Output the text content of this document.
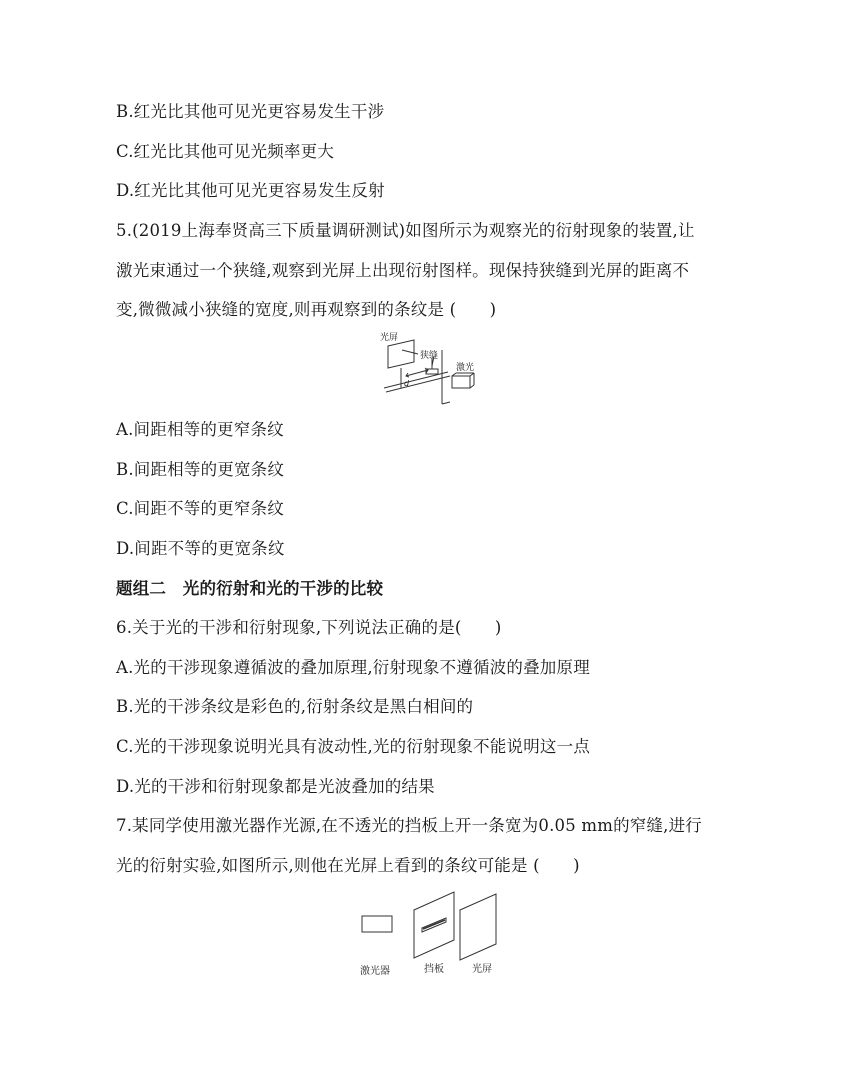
B.红光比其他可见光更容易发生干涉
C.红光比其他可见光频率更大
D.红光比其他可见光更容易发生反射
5.(2019上海奉贤高三下质量调研测试)如图所示为观察光的衍射现象的装置,让
激光束通过一个狭缝,观察到光屏上出现衍射图样。现保持狭缝到光屏的距离不
变,微微减小狭缝的宽度,则再观察到的条纹是 (　　)
光屏
狭缝
激光
d
A.间距相等的更窄条纹
B.间距相等的更宽条纹
C.间距不等的更窄条纹
D.间距不等的更宽条纹
题组二　光的衍射和光的干涉的比较
6.关于光的干涉和衍射现象,下列说法正确的是(　　)
A.光的干涉现象遵循波的叠加原理,衍射现象不遵循波的叠加原理
B.光的干涉条纹是彩色的,衍射条纹是黑白相间的
C.光的干涉现象说明光具有波动性,光的衍射现象不能说明这一点
D.光的干涉和衍射现象都是光波叠加的结果
7.某同学使用激光器作光源,在不透光的挡板上开一条宽为0.05 mm的窄缝,进行
光的衍射实验,如图所示,则他在光屏上看到的条纹可能是 (　　)
激光器	挡板	光屏
